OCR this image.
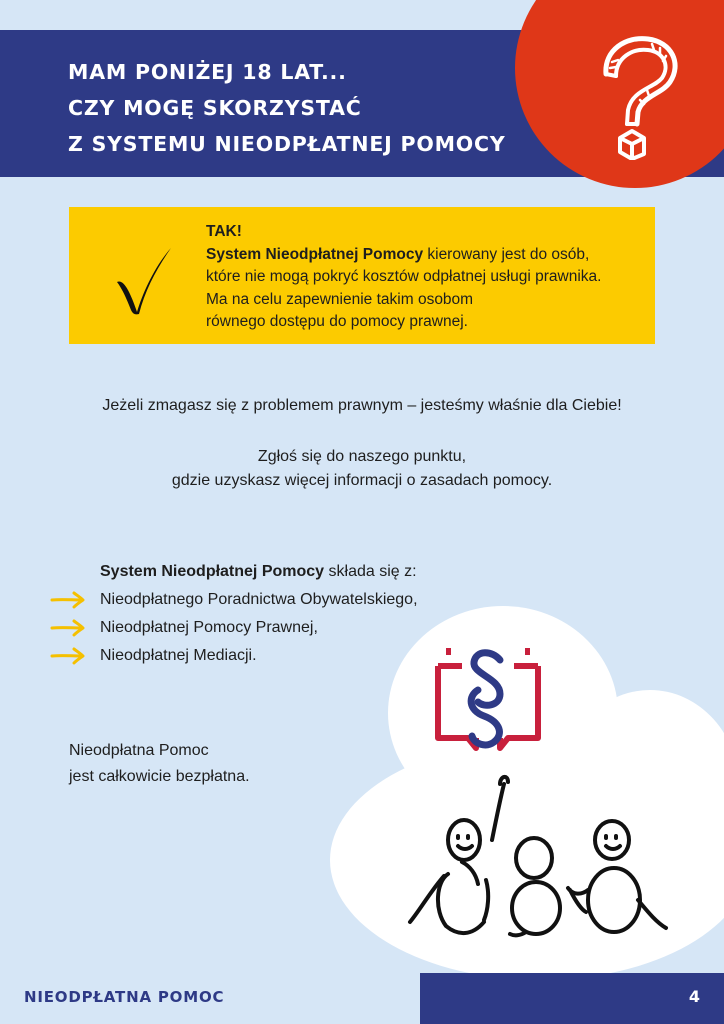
MAM PONIŻEJ 18 LAT...
CZY MOGĘ SKORZYSTAĆ
Z SYSTEMU NIEODPŁATNEJ POMOCY
TAK!
System Nieodpłatnej Pomocy kierowany jest do osób,
które nie mogą pokryć kosztów odpłatnej usługi prawnika.
Ma na celu zapewnienie takim osobom
równego dostępu do pomocy prawnej.
Jeżeli zmagasz się z problemem prawnym – jesteśmy właśnie dla Ciebie!
Zgłoś się do naszego punktu,
gdzie uzyskasz więcej informacji o zasadach pomocy.
System Nieodpłatnej Pomocy składa się z:
Nieodpłatnego Poradnictwa Obywatelskiego,
Nieodpłatnej Pomocy Prawnej,
Nieodpłatnej Mediacji.
Nieodpłatna Pomoc
jest całkowicie bezpłatna.
NIEODPŁATNA POMOC	4
